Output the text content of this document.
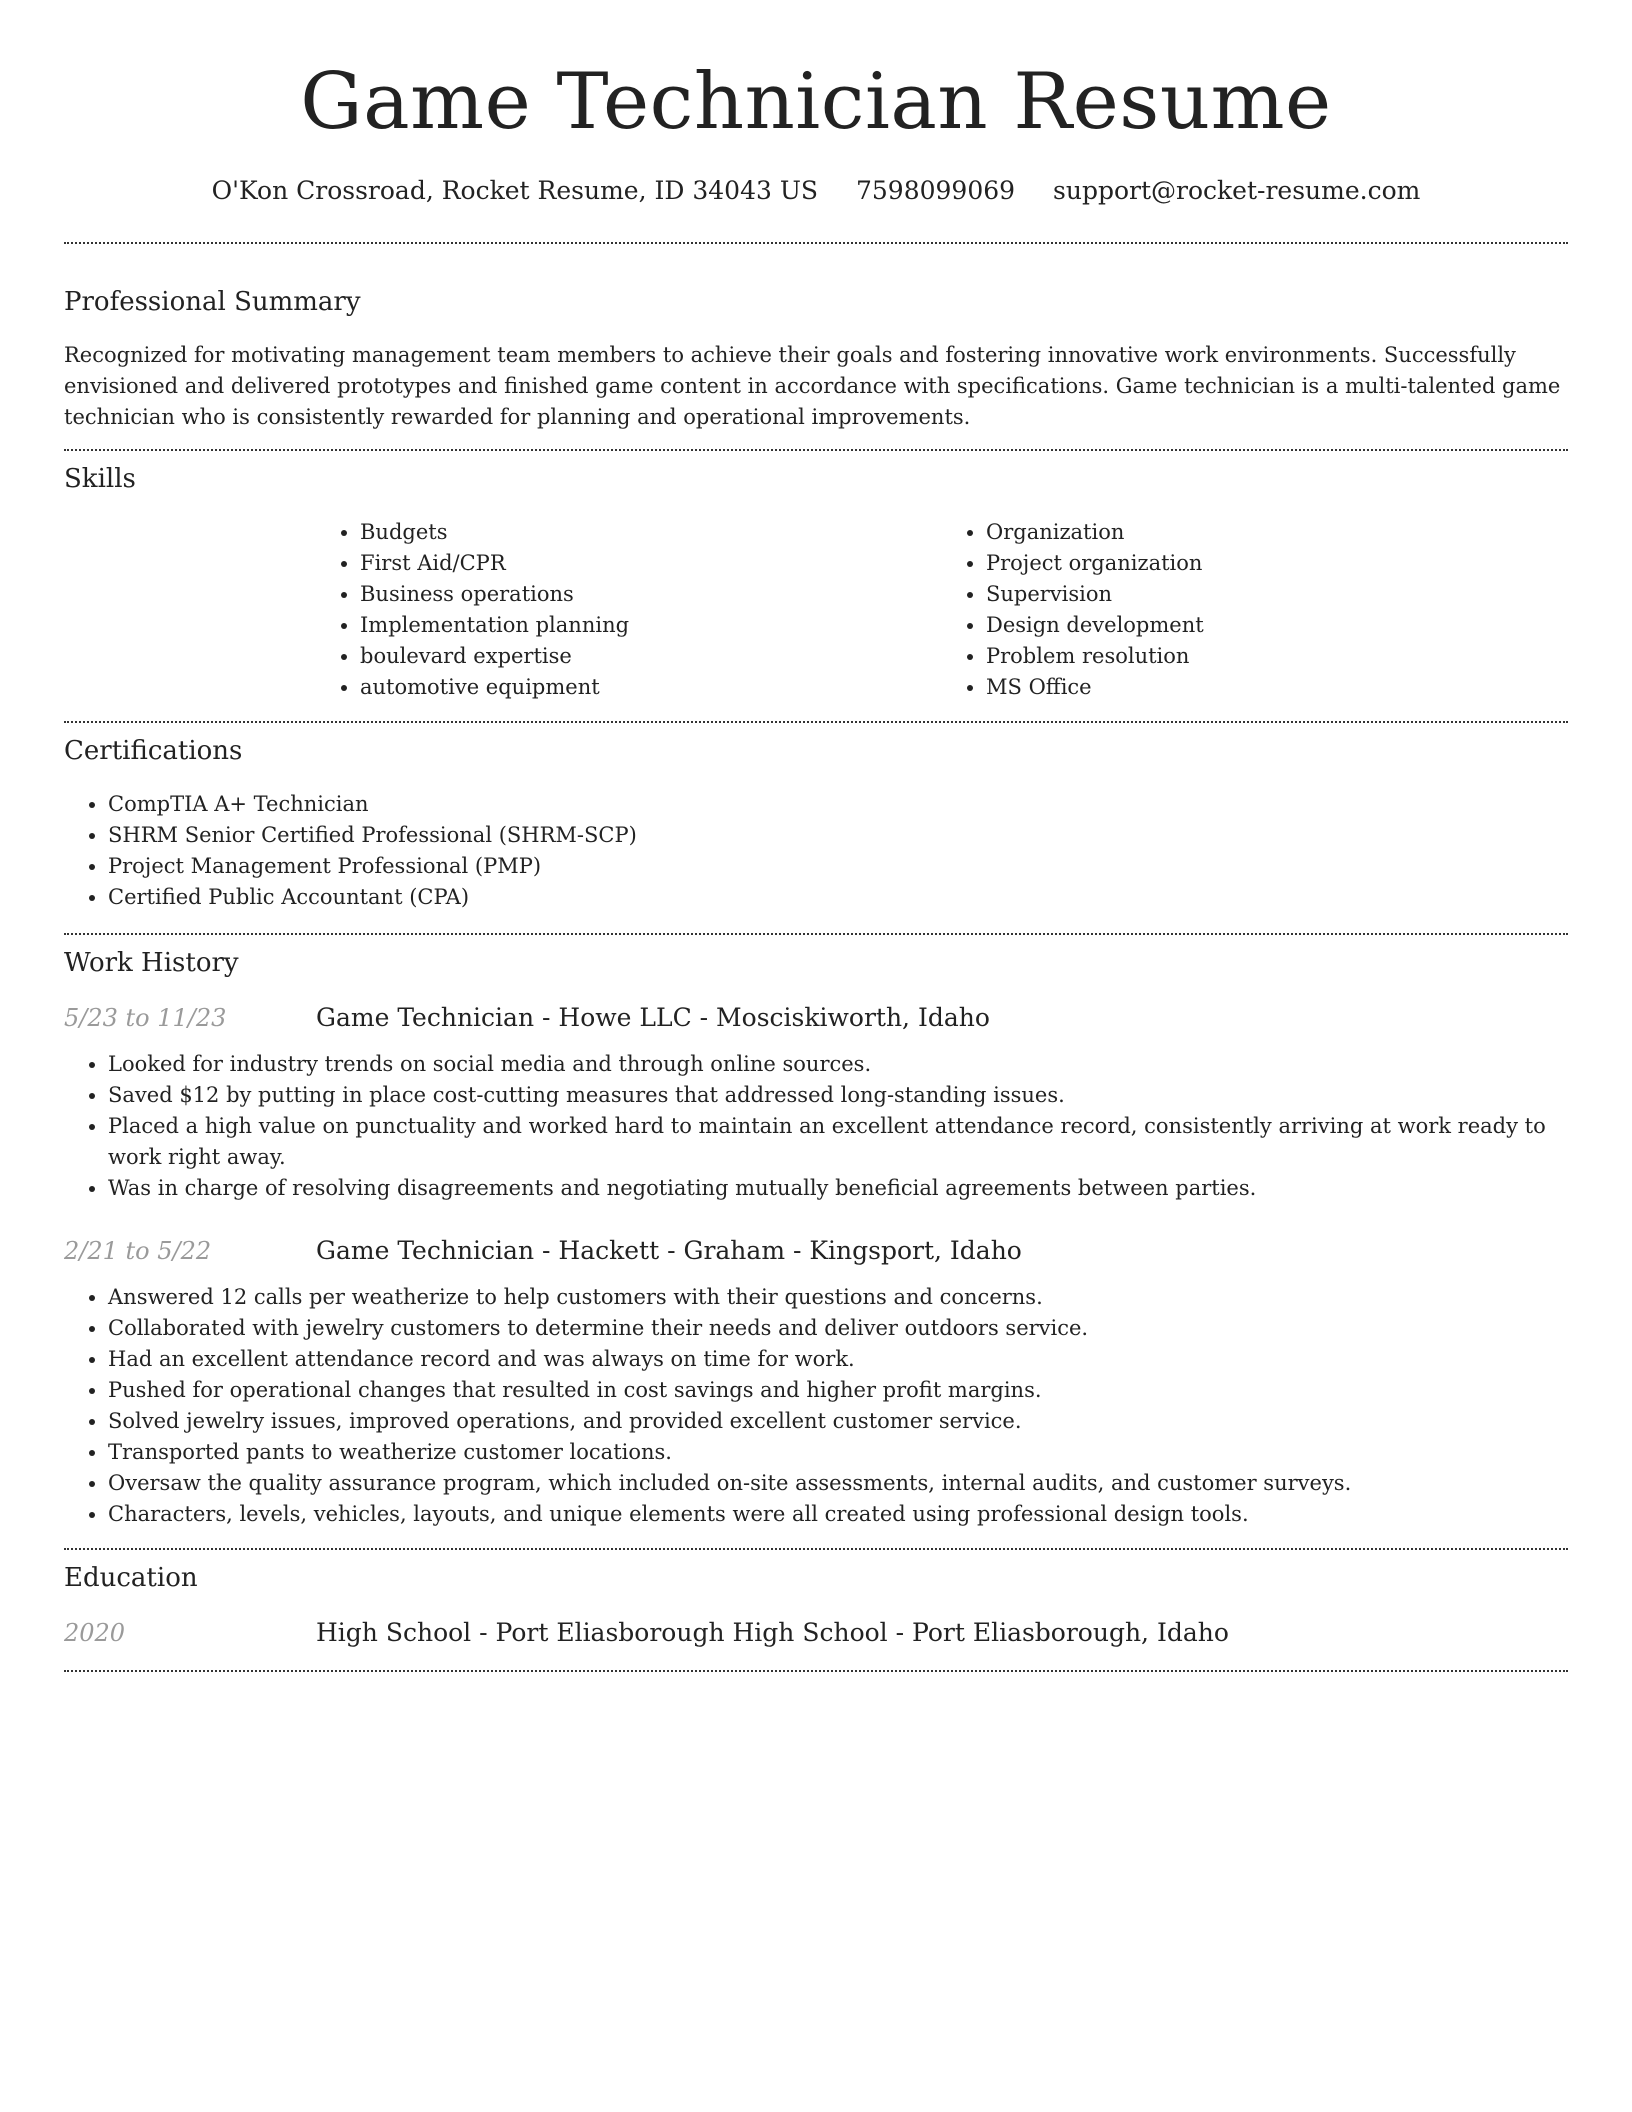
Game Technician Resume
O'Kon Crossroad, Rocket Resume, ID 34043 US 7598099069 support@rocket-resume.com
Professional Summary

Recognized for motivating management team members to achieve their goals and fostering innovative work environments. Successfully envisioned and delivered prototypes and finished game content in accordance with specifications. Game technician is a multi-talented game technician who is consistently rewarded for planning and operational improvements.

Skills
• Budgets
• First Aid/CPR
• Business operations
• Implementation planning
• boulevard expertise
• automotive equipment
• Organization
• Project organization
• Supervision
• Design development
• Problem resolution
• MS Office
Certifications
• CompTIA A+ Technician
• SHRM Senior Certified Professional (SHRM-SCP)
• Project Management Professional (PMP)
• Certified Public Accountant (CPA)
Work History
5/23 to 11/23	Game Technician - Howe LLC - Mosciskiworth, Idaho
• Looked for industry trends on social media and through online sources.
• Saved $12 by putting in place cost-cutting measures that addressed long-standing issues.
• Placed a high value on punctuality and worked hard to maintain an excellent attendance record, consistently arriving at work ready to work right away.
• Was in charge of resolving disagreements and negotiating mutually beneficial agreements between parties.
2/21 to 5/22	Game Technician - Hackett - Graham - Kingsport, Idaho
• Answered 12 calls per weatherize to help customers with their questions and concerns.
• Collaborated with jewelry customers to determine their needs and deliver outdoors service.
• Had an excellent attendance record and was always on time for work.
• Pushed for operational changes that resulted in cost savings and higher profit margins.
• Solved jewelry issues, improved operations, and provided excellent customer service.
• Transported pants to weatherize customer locations.
• Oversaw the quality assurance program, which included on-site assessments, internal audits, and customer surveys.
• Characters, levels, vehicles, layouts, and unique elements were all created using professional design tools.
Education
2020	High School - Port Eliasborough High School - Port Eliasborough, Idaho
